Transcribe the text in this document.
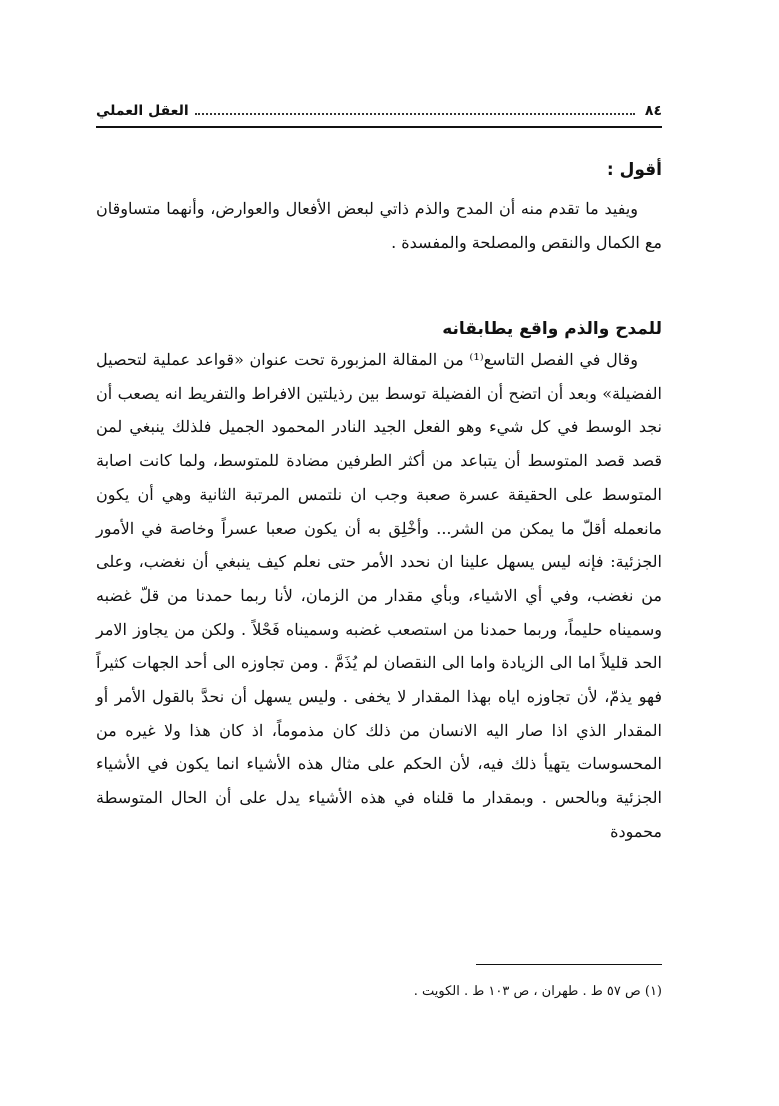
٨٤
العقل العملي
أقول :

ويفيد ما تقدم منه أن المدح والذم ذاتي لبعض الأفعال والعوارض، وأنهما متساوقان مع الكمال والنقص والمصلحة والمفسدة .

للمدح والذم واقع يطابقانه

وقال في الفصل التاسع⁽¹⁾ من المقالة المزبورة تحت عنوان «قواعد عملية لتحصيل الفضيلة» وبعد أن اتضح أن الفضيلة توسط بين رذيلتين الافراط والتفريط انه يصعب أن نجد الوسط في كل شيء وهو الفعل الجيد النادر المحمود الجميل فلذلك ينبغي لمن قصد قصد المتوسط أن يتباعد من أكثر الطرفين مضادة للمتوسط، ولما كانت اصابة المتوسط على الحقيقة عسرة صعبة وجب ان نلتمس المرتبة الثانية وهي أن يكون مانعمله أقلّ ما يمكن من الشر... وأخْلِق به أن يكون صعبا عسراً وخاصة في الأمور الجزئية: فإنه ليس يسهل علينا ان نحدد الأمر حتى نعلم كيف ينبغي أن نغضب، وعلى من نغضب، وفي أي الاشياء، وبأي مقدار من الزمان، لأنا ربما حمدنا من قلّ غضبه وسميناه حليماً، وربما حمدنا من استصعب غضبه وسميناه فَحْلاً . ولكن من يجاوز الامر الحد قليلاً اما الى الزيادة واما الى النقصان لم يُذَمَّ . ومن تجاوزه الى أحد الجهات كثيراً فهو يذمّ، لأن تجاوزه اياه بهذا المقدار لا يخفى . وليس يسهل أن نحدَّ بالقول الأمر أو المقدار الذي اذا صار اليه الانسان من ذلك كان مذموماً، اذ كان هذا ولا غيره من المحسوسات يتهيأ ذلك فيه، لأن الحكم على مثال هذه الأشياء انما يكون في الأشياء الجزئية وبالحس . وبمقدار ما قلناه في هذه الأشياء يدل على أن الحال المتوسطة محمودة

(١) ص ٥٧ ط . طهران ، ص ١٠٣ ط . الكويت .
